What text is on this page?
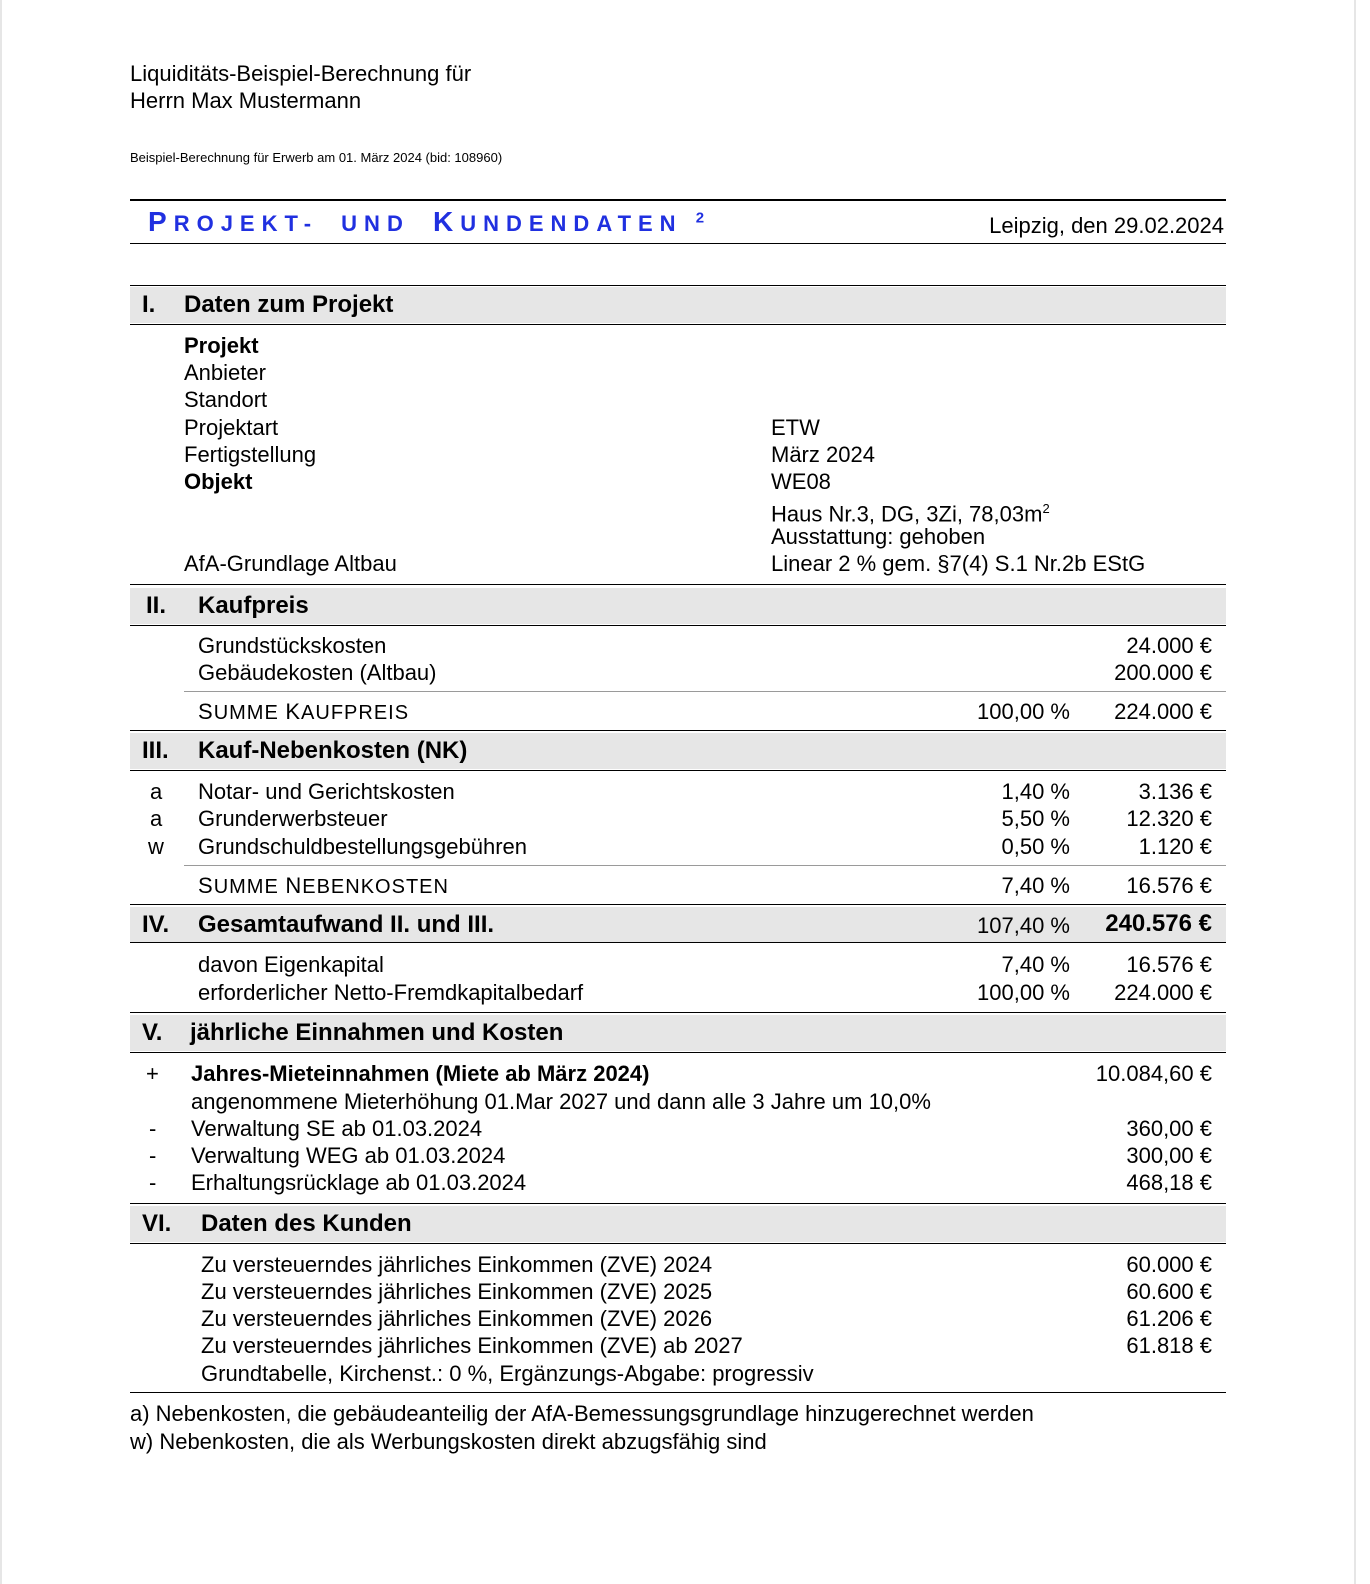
Liquiditäts-Beispiel-Berechnung für
Herrn Max Mustermann
Beispiel-Berechnung für Erwerb am 01. März 2024 (bid: 108960)
PROJEKT- UND KUNDENDATEN $^2$	Leipzig, den 29.02.2024
I. Daten zum Projekt
Projekt
Anbieter
Standort
Projektart	ETW
Fertigstellung	März 2024
Objekt	WE08
Haus Nr.3, DG, 3Zi, $78,03m^2$
Ausstattung: gehoben
AfA-Grundlage Altbau	Linear 2 % gem. §7(4) S.1 Nr.2b EStG
II. Kaufpreis
Grundstückskosten	24.000 €
Gebäudekosten (Altbau)	200.000 €
SUMME KAUFPREIS	100,00 % 224.000 €
III. Kauf-Nebenkosten (NK)
a Notar- und Gerichtskosten	1,40 %	3.136 €
a Grunderwerbsteuer	5,50 %	12.320 €
w Grundschuldbestellungsgebühren	0,50 %	1.120 €
SUMME NEBENKOSTEN	7,40 %	16.576 €
IV. Gesamtaufwand II. und III.	107,40 % 240.576 €
davon Eigenkapital	7,40 %	16.576 €
erforderlicher Netto-Fremdkapitalbedarf	100,00 % 224.000 €
V. jährliche Einnahmen und Kosten
+ Jahres-Mieteinnahmen (Miete ab März 2024)	10.084,60 €
angenommene Mieterhöhung 01.Mar 2027 und dann alle 3 Jahre um 10,0%
- Verwaltung SE ab 01.03.2024	360,00 €
- Verwaltung WEG ab 01.03.2024	300,00 €
- Erhaltungsrücklage ab 01.03.2024	468,18 €
VI. Daten des Kunden
Zu versteuerndes jährliches Einkommen (ZVE) 2024	60.000 €
Zu versteuerndes jährliches Einkommen (ZVE) 2025	60.600 €
Zu versteuerndes jährliches Einkommen (ZVE) 2026	61.206 €
Zu versteuerndes jährliches Einkommen (ZVE) ab 2027	61.818 €
Grundtabelle, Kirchenst.: 0 %, Ergänzungs-Abgabe: progressiv
a) Nebenkosten, die gebäudeanteilig der AfA-Bemessungsgrundlage hinzugerechnet werden
w) Nebenkosten, die als Werbungskosten direkt abzugsfähig sind
